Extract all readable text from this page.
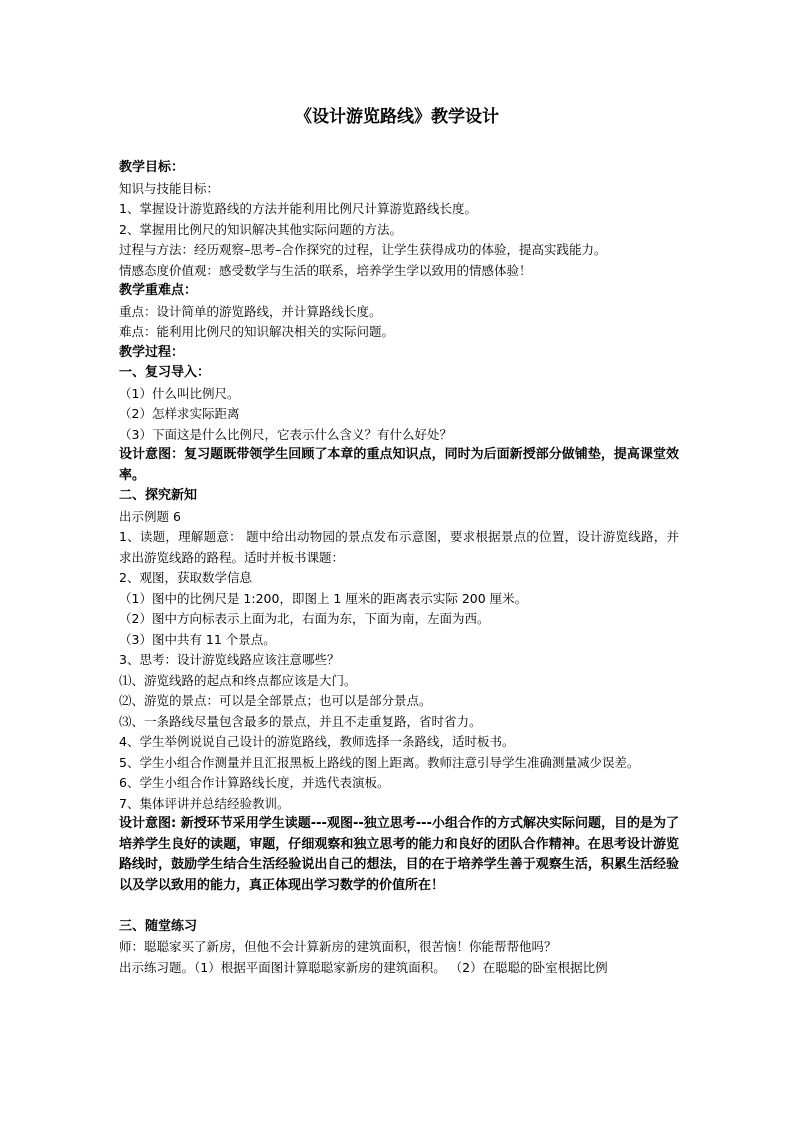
《设计游览路线》教学设计

教学目标：

知识与技能目标：

1、掌握设计游览路线的方法并能利用比例尺计算游览路线长度。

2、掌握用比例尺的知识解决其他实际问题的方法。

过程与方法：经历观察–思考–合作探究的过程，让学生获得成功的体验，提高实践能力。

情感态度价值观：感受数学与生活的联系，培养学生学以致用的情感体验！

教学重难点：

重点：设计简单的游览路线，并计算路线长度。

难点：能利用比例尺的知识解决相关的实际问题。

教学过程：

一、复习导入：

（1）什么叫比例尺。

（2）怎样求实际距离

（3）下面这是什么比例尺，它表示什么含义？有什么好处？

设计意图：复习题既带领学生回顾了本章的重点知识点，同时为后面新授部分做铺垫，提高课堂效率。

二、探究新知

出示例题 6

1、读题，理解题意： 题中给出动物园的景点发布示意图，要求根据景点的位置，设计游览线路，并求出游览线路的路程。适时并板书课题：

2、观图，获取数学信息

（1）图中的比例尺是 1:200，即图上 1 厘米的距离表示实际 200 厘米。

（2）图中方向标表示上面为北，右面为东，下面为南，左面为西。

（3）图中共有 11 个景点。

3、思考：设计游览线路应该注意哪些？

⑴、游览线路的起点和终点都应该是大门。

⑵、游览的景点：可以是全部景点；也可以是部分景点。

⑶、一条路线尽量包含最多的景点，并且不走重复路，省时省力。

4、学生举例说说自己设计的游览路线，教师选择一条路线，适时板书。

5、学生小组合作测量并且汇报黑板上路线的图上距离。教师注意引导学生准确测量减少误差。

6、学生小组合作计算路线长度，并选代表演板。

7、集体评讲并总结经验教训。

设计意图: 新授环节采用学生读题---观图--独立思考---小组合作的方式解决实际问题，目的是为了培养学生良好的读题，审题，仔细观察和独立思考的能力和良好的团队合作精神。在思考设计游览路线时，鼓励学生结合生活经验说出自己的想法，目的在于培养学生善于观察生活，积累生活经验以及学以致用的能力，真正体现出学习数学的价值所在！

三、随堂练习

师：聪聪家买了新房，但他不会计算新房的建筑面积，很苦恼！你能帮帮他吗？

出示练习题。（1）根据平面图计算聪聪家新房的建筑面积。 （2）在聪聪的卧室根据比例
